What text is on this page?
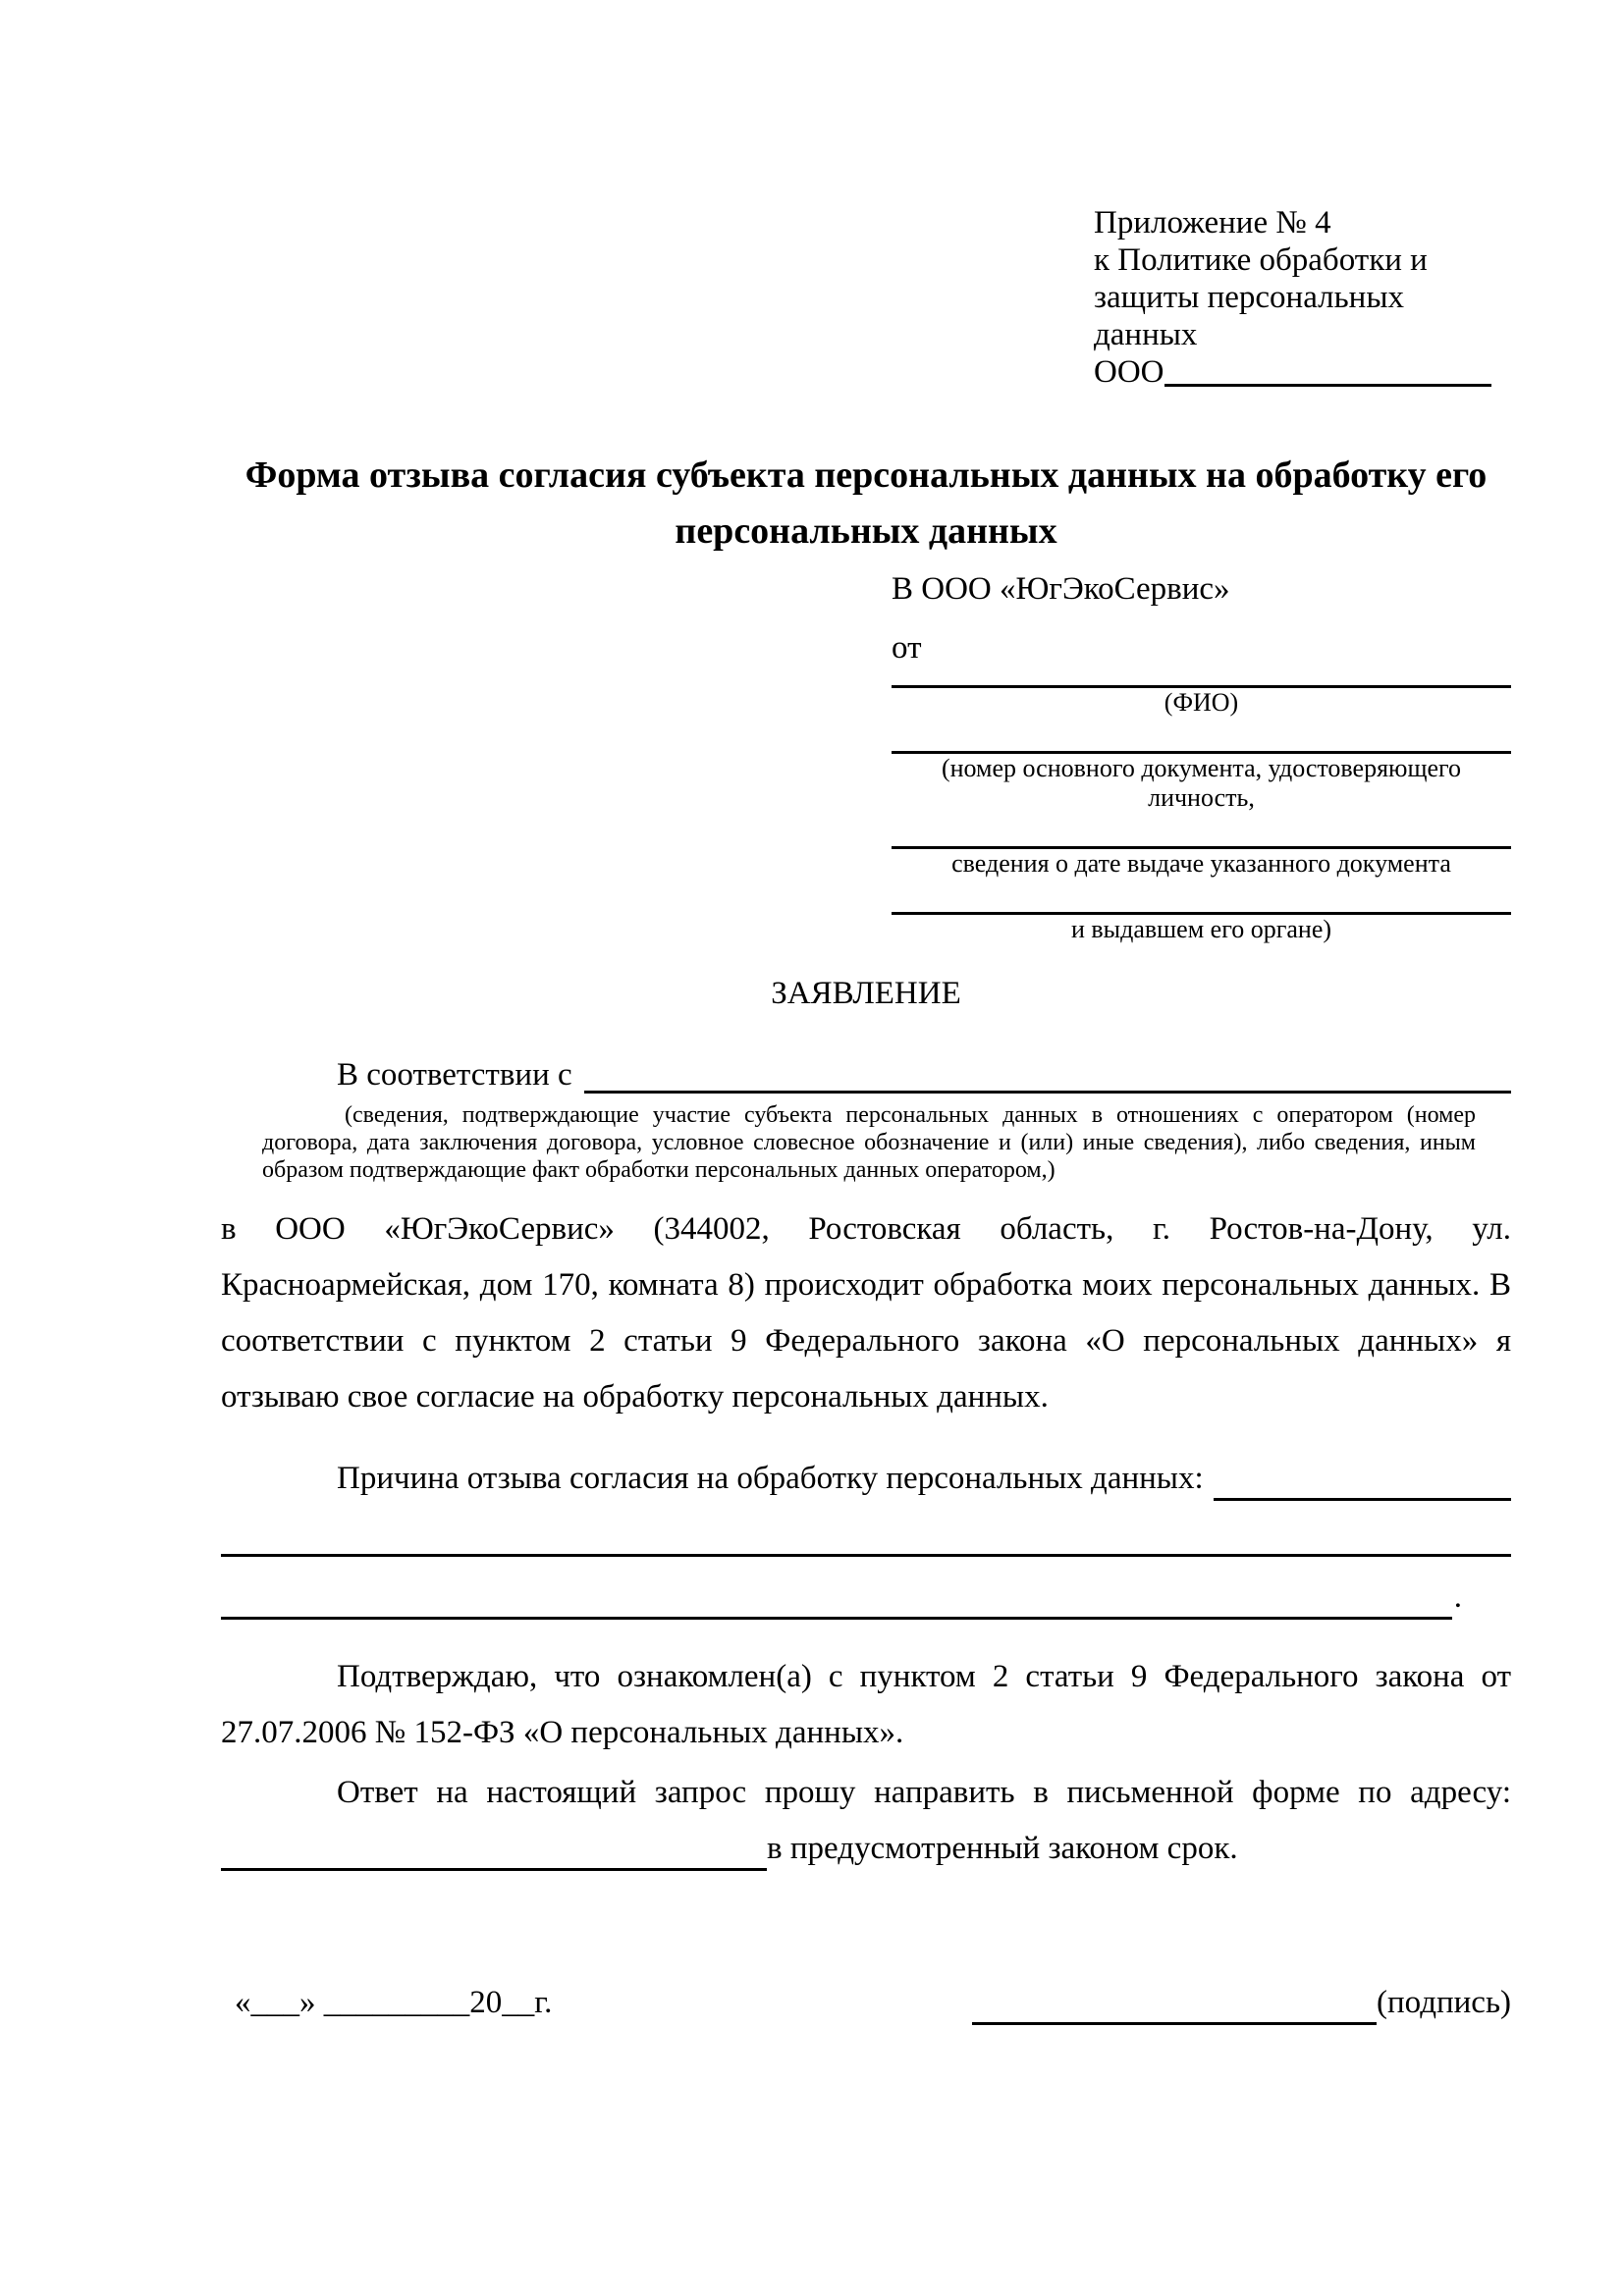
Приложение № 4
к Политике обработки и
защиты персональных данных
ООО
Форма отзыва согласия субъекта персональных данных на обработку его персональных данных
В ООО «ЮгЭкоСервис»
от
(ФИО)
(номер основного документа, удостоверяющего личность,
сведения о дате выдаче указанного документа
и выдавшем его органе)
ЗАЯВЛЕНИЕ
В соответствии с
(сведения, подтверждающие участие субъекта персональных данных в отношениях с оператором (номер договора, дата заключения договора, условное словесное обозначение и (или) иные сведения), либо сведения, иным образом подтверждающие факт обработки персональных данных оператором,)
в ООО «ЮгЭкоСервис» (344002, Ростовская область, г. Ростов-на-Дону, ул. Красноармейская, дом 170, комната 8) происходит обработка моих персональных данных. В соответствии с пунктом 2 статьи 9 Федерального закона «О персональных данных» я отзываю свое согласие на обработку персональных данных.
Причина отзыва согласия на обработку персональных данных:
.
Подтверждаю, что ознакомлен(а) с пунктом 2 статьи 9 Федерального закона от 27.07.2006 № 152-ФЗ «О персональных данных».
Ответ на настоящий запрос прошу направить в письменной форме по адресу:
в предусмотренный законом срок.
«___» _________20__г.	(подпись)
